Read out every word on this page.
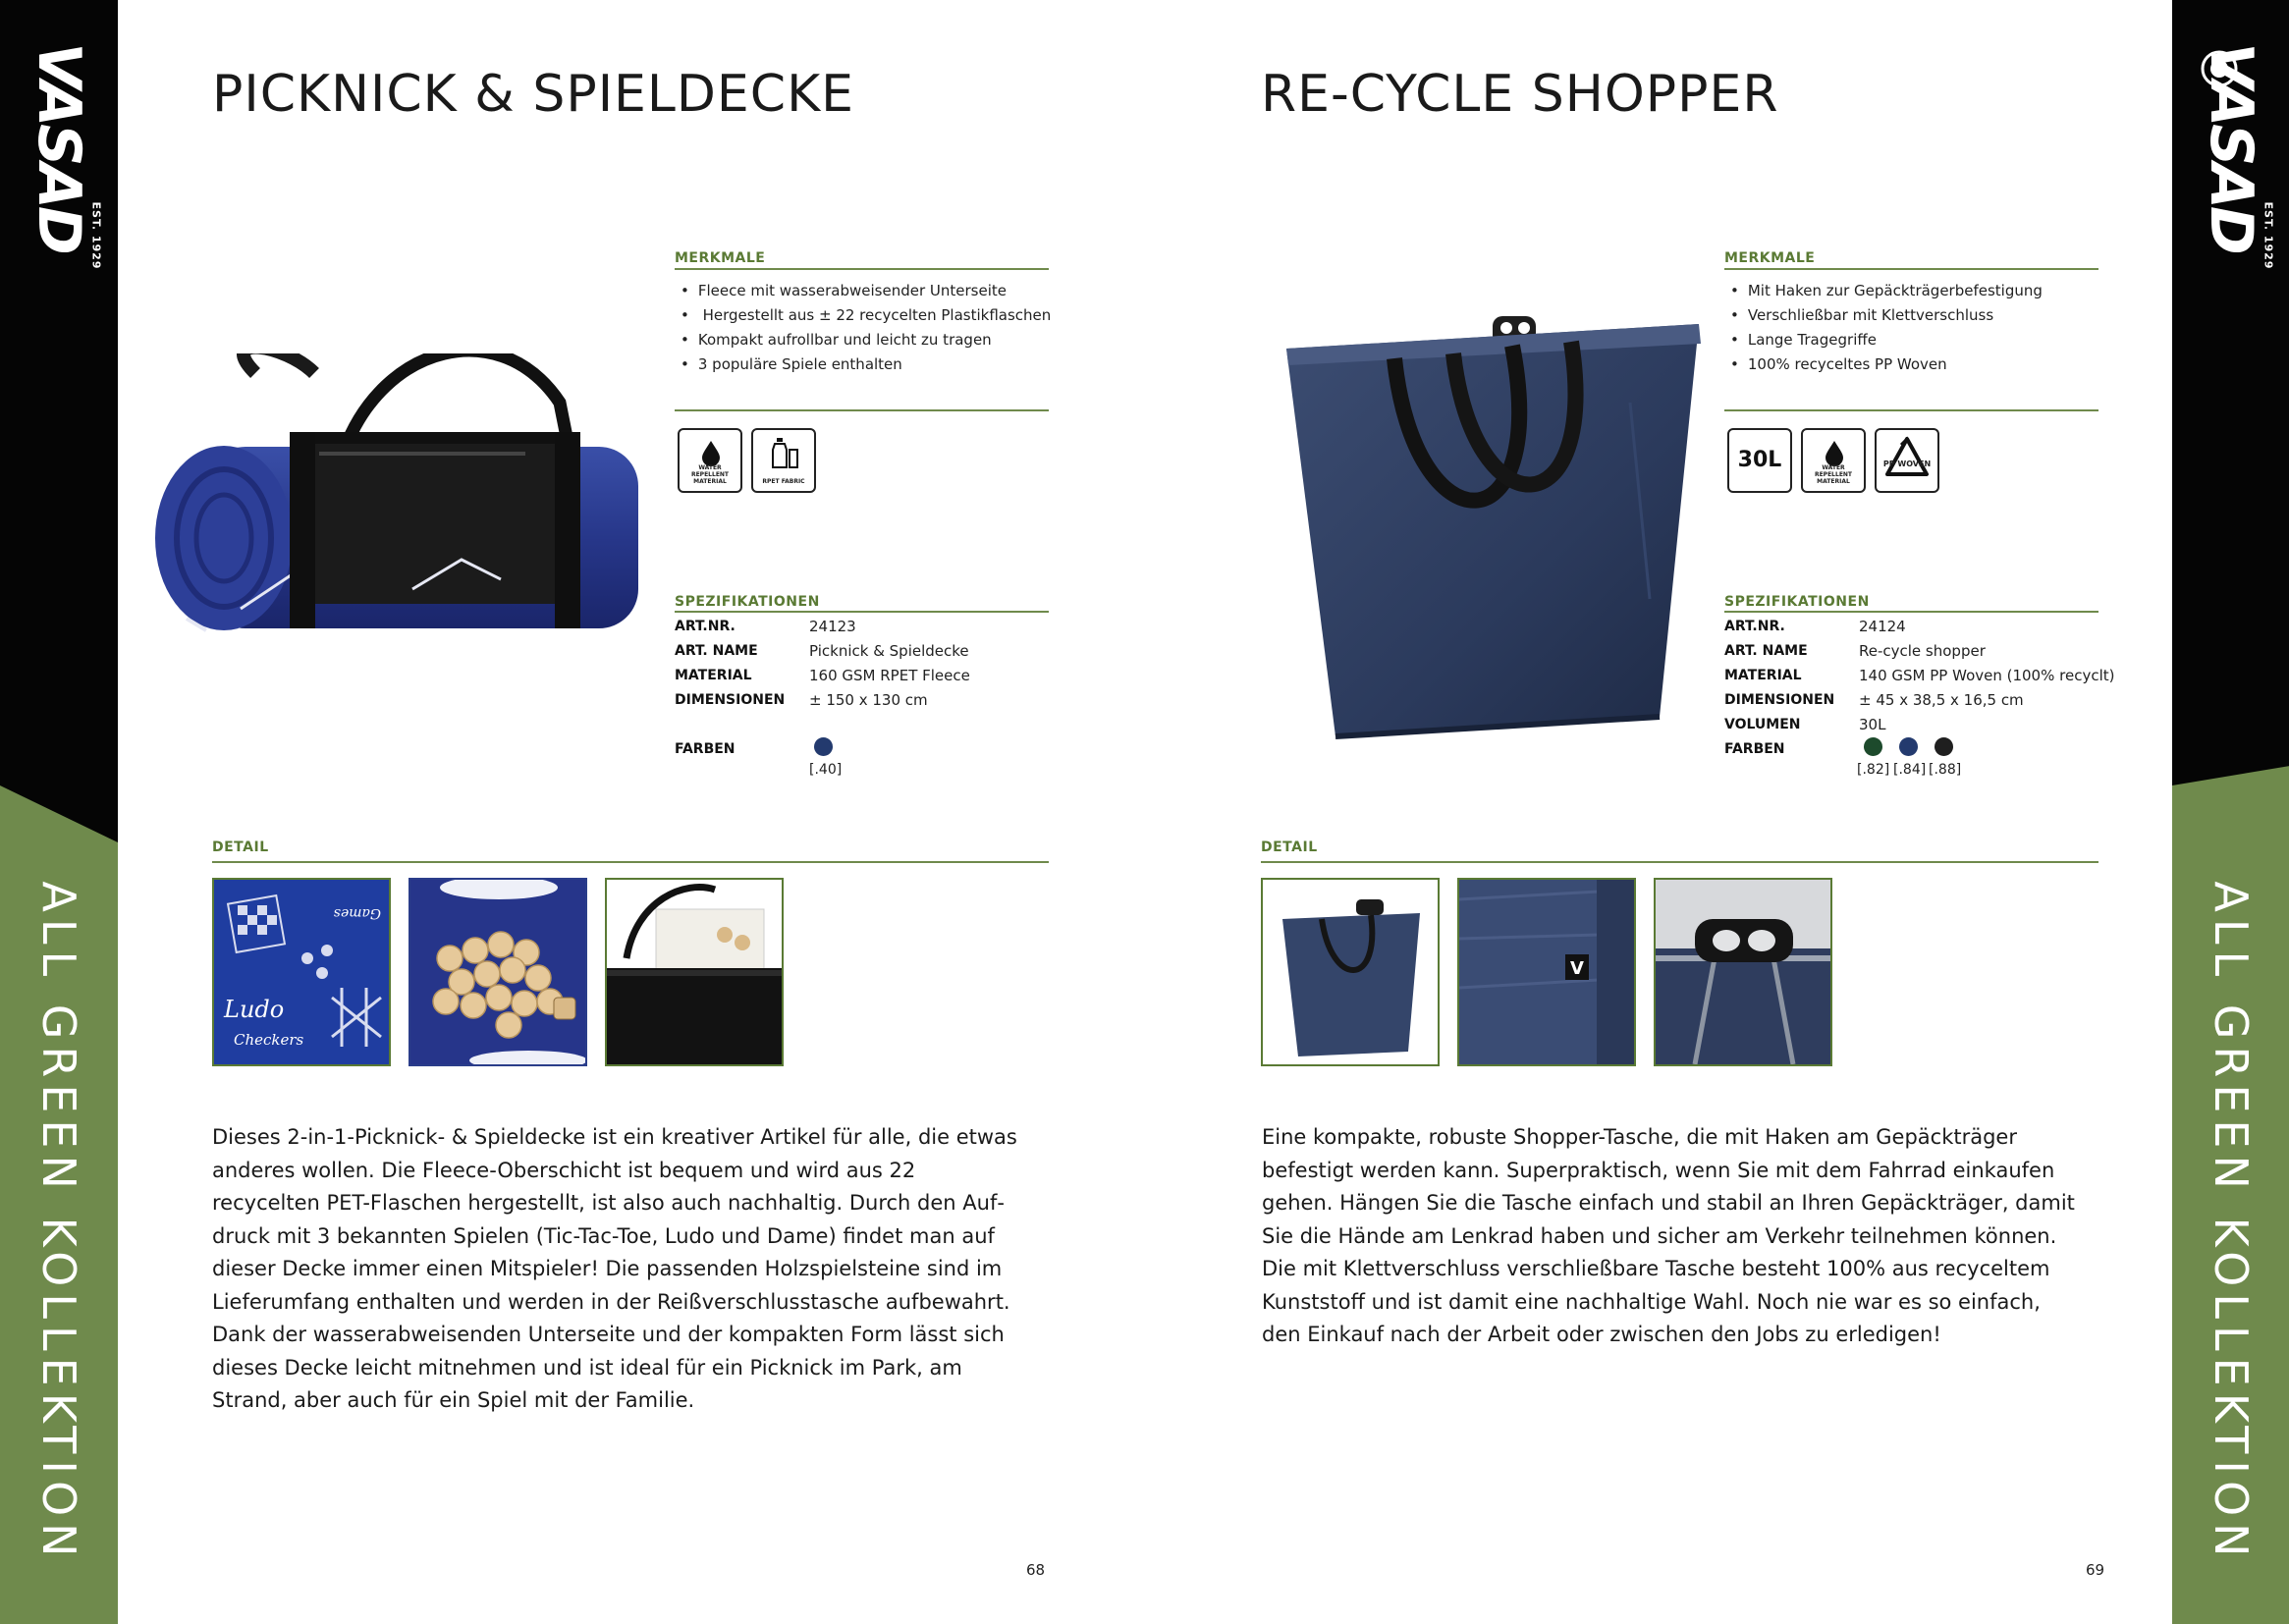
VASAD
EST. 1929
ALL GREEN KOLLEKTION
VASAD
EST. 1929
ALL GREEN KOLLEKTION
PICKNICK & SPIELDECKE
MERKMALE
• Fleece mit wasserabweisender Unterseite
• Hergestellt aus ± 22 recycelten Plastikflaschen
• Kompakt aufrollbar und leicht zu tragen
• 3 populäre Spiele enthalten
WATER REPELLENT MATERIAL	RPET FABRIC
SPEZIFIKATIONEN
ART.NR.	24123
ART. NAME	Picknick & Spieldecke
MATERIAL	160 GSM RPET Fleece
DIMENSIONEN ± 150 x 130 cm
FARBEN
[.40]
DETAIL
Ludo
Checkers
Games

Dieses 2-in-1-Picknick- & Spieldecke ist ein kreativer Artikel für alle, die etwas anderes wollen. Die Fleece-Oberschicht ist bequem und wird aus 22 recycelten PET-Flaschen hergestellt, ist also auch nachhaltig. Durch den Aufdruck mit 3 bekannten Spielen (Tic-Tac-Toe, Ludo und Dame) findet man auf dieser Decke immer einen Mitspieler! Die passenden Holzspielsteine sind im Lieferumfang enthalten und werden in der Reißverschlusstasche aufbewahrt. Dank der wasserabweisenden Unterseite und der kompakten Form lässt sich dieses Decke leicht mitnehmen und ist ideal für ein Picknick im Park, am Strand, aber auch für ein Spiel mit der Familie.

68
RE-CYCLE SHOPPER
MERKMALE
• Mit Haken zur Gepäckträgerbefestigung
• Verschließbar mit Klettverschluss
• Lange Tragegriffe
• 100% recyceltes PP Woven
30L	WATER REPELLENT MATERIAL
PP WOVEN
SPEZIFIKATIONEN
ART.NR.	24124
ART. NAME	Re-cycle shopper
MATERIAL	140 GSM PP Woven (100% recyclt)
DIMENSIONEN ± 45 x 38,5 x 16,5 cm
VOLUMEN	30L
FARBEN
[.82] [.84] [.88]
DETAIL
V

Eine kompakte, robuste Shopper-Tasche, die mit Haken am Gepäckträger befestigt werden kann. Superpraktisch, wenn Sie mit dem Fahrrad einkaufen gehen. Hängen Sie die Tasche einfach und stabil an Ihren Gepäckträger, damit Sie die Hände am Lenkrad haben und sicher am Verkehr teilnehmen können. Die mit Klettverschluss verschließbare Tasche besteht 100% aus recyceltem Kunststoff und ist damit eine nachhaltige Wahl. Noch nie war es so einfach, den Einkauf nach der Arbeit oder zwischen den Jobs zu erledigen!

69
